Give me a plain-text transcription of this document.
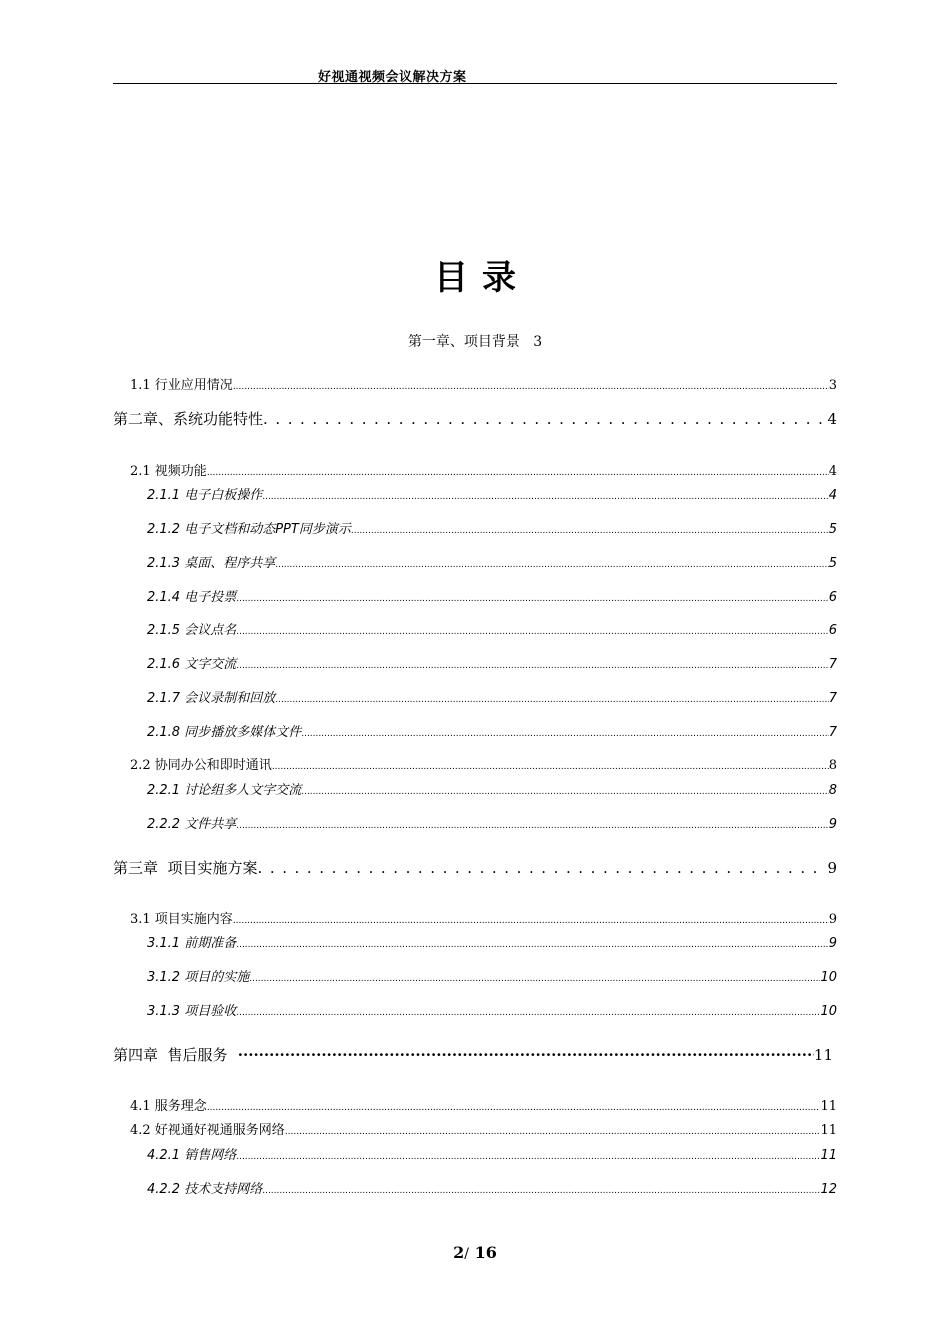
好视通视频会议解决方案
目录
第一章、项目背景 3
1.1 行业应用情况 .....	3
第二章、系统功能特性 . . .	4
2.1 视频功能 .....	4
2.1.1 电子白板操作 .....	4
2.1.2 电子文档和动态PPT同步演示 .....	5
2.1.3 桌面、程序共享 .....	5
2.1.4 电子投票 .....	6
2.1.5 会议点名 .....	6
2.1.6 文字交流 .....	7
2.1.7 会议录制和回放 .....	7
2.1.8 同步播放多媒体文件 .....	7
2.2 协同办公和即时通讯 .....	8
2.2.1 讨论组多人文字交流 .....	8
2.2.2 文件共享 .....	9
第三章  项目实施方案 . . .	9
3.1 项目实施内容 .....	9
3.1.1 前期准备 .....	9
3.1.2 项目的实施 .....	10
3.1.3 项目验收 .....	10
第四章  售后服务 ·····	11
4.1 服务理念 .....	11
4.2 好视通好视通服务网络 .....	11
4.2.1 销售网络 .....	11
4.2.2 技术支持网络 .....	12
2/ 16
